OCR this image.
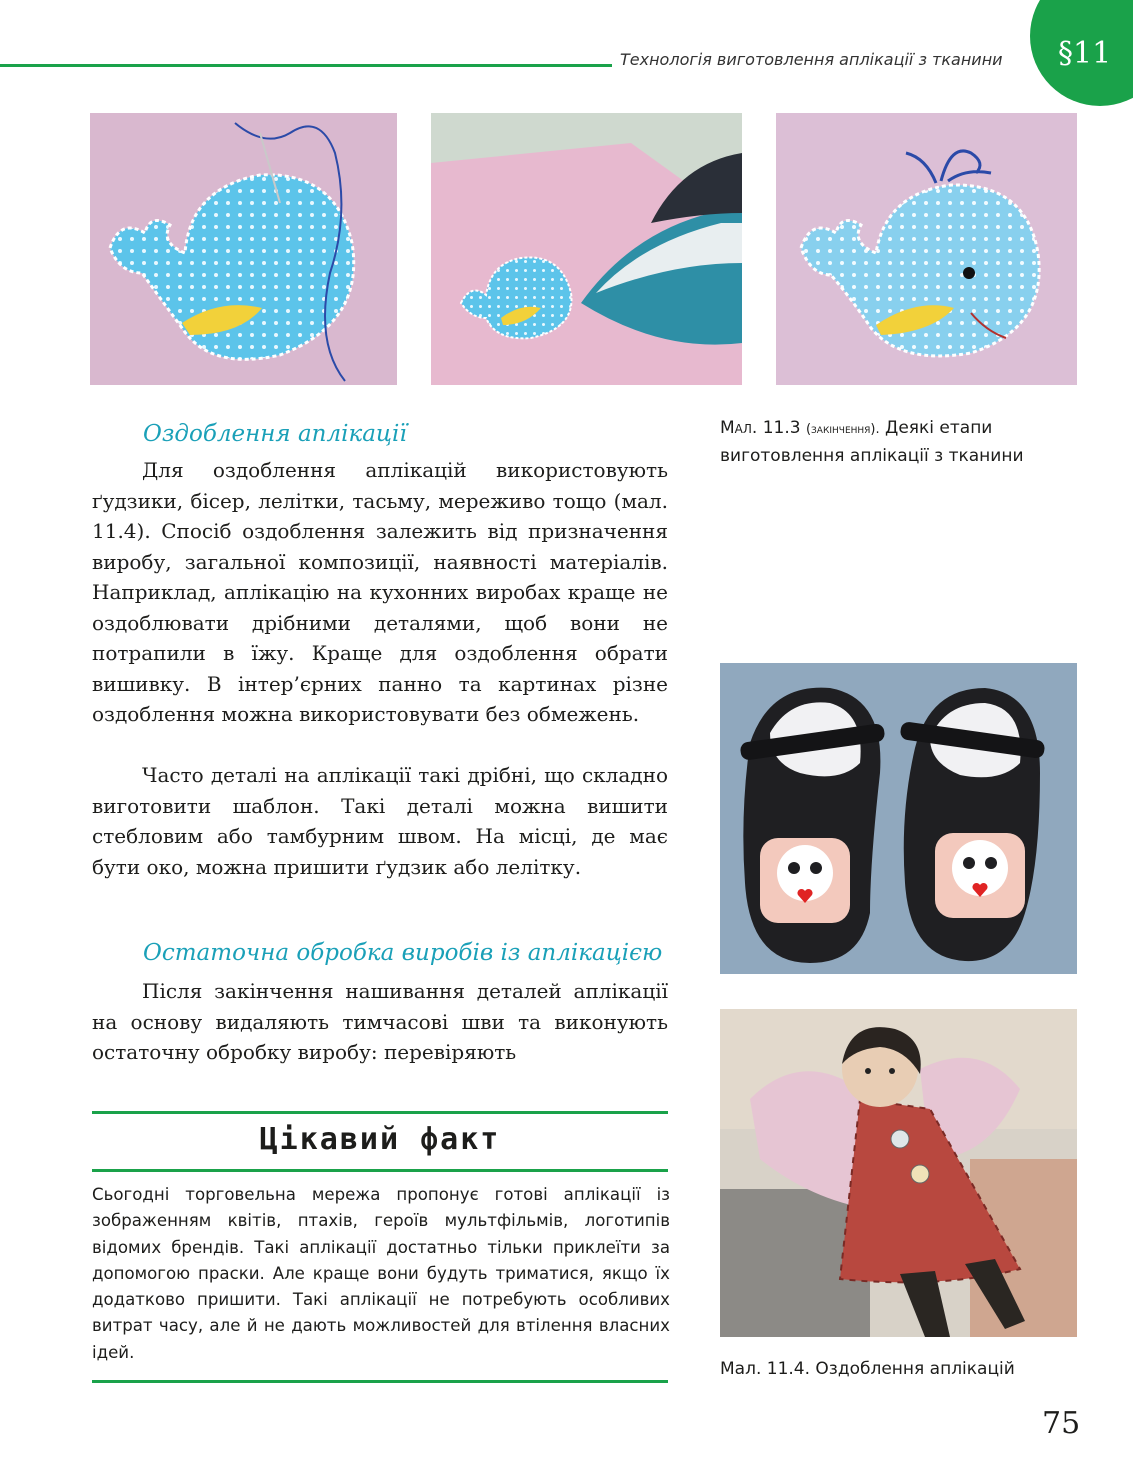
Технологія виготовлення аплікації з тканини	§11
Мал. 11.3 (закінчення). Деякі етапи виготовлення аплікації з тканини
Оздоблення аплікації

Для оздоблення аплікацій використовують ґудзики, бісер, лелітки, тасьму, мереживо тощо (мал. 11.4). Спосіб оздоблення залежить від призначення виробу, загальної композиції, наявності матеріалів. Наприклад, аплікацію на кухонних виробах краще не оздоблювати дрібними деталями, щоб вони не потрапили в їжу. Краще для оздоблення обрати вишивку. В інтер’єрних панно та картинах різне оздоблення можна використовувати без обмежень.

Часто деталі на аплікації такі дрібні, що складно виготовити шаблон. Такі деталі можна вишити стебловим або тамбурним швом. На місці, де має бути око, можна пришити ґудзик або лелітку.

Остаточна обробка виробів із аплікацією

Після закінчення нашивання деталей аплікації на основу видаляють тимчасові шви та виконують остаточну обробку виробу: перевіряють

Цікавий факт

Сьогодні торговельна мережа пропонує готові аплікації із зображенням квітів, птахів, героїв мультфільмів, логотипів відомих брендів. Такі аплікації достатньо тільки приклеїти за допомогою праски. Але краще вони будуть триматися, якщо їх додатково пришити. Такі аплікації не потребують особливих витрат часу, але й не дають можливостей для втілення власних ідей.

Мал. 11.4. Оздоблення аплікацій
75
